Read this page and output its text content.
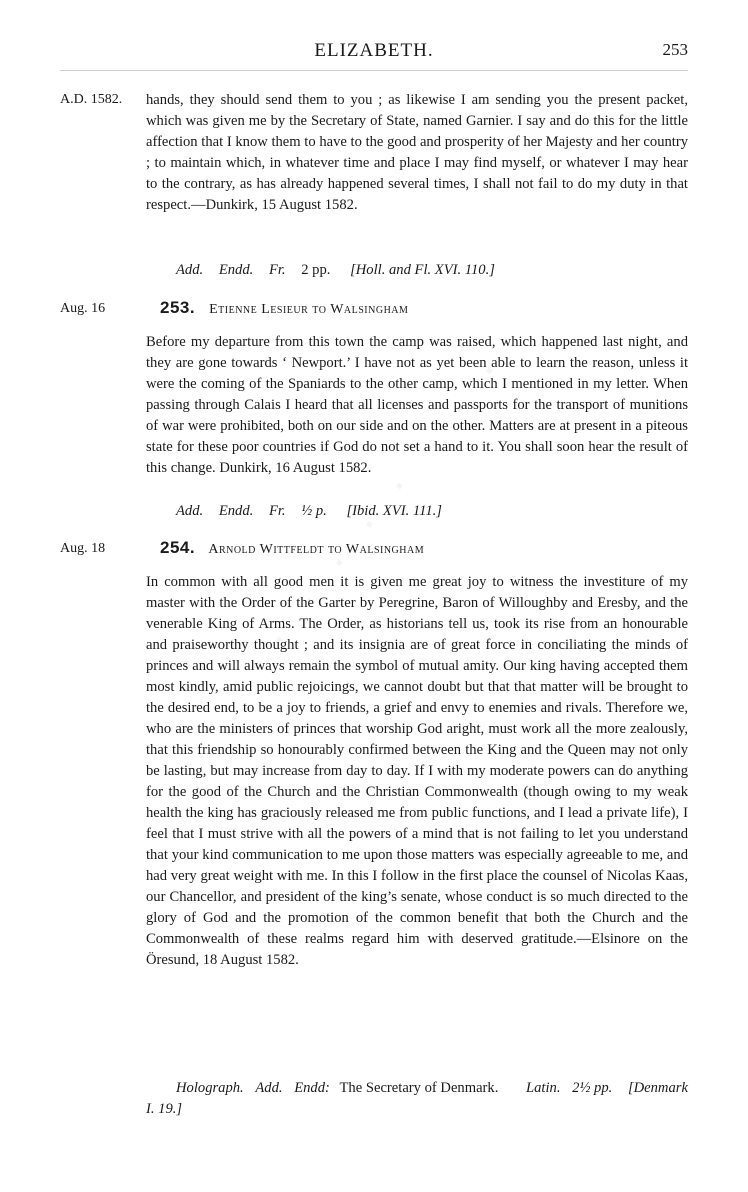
ELIZABETH.	253
A.D. 1582. hands, they should send them to you ; as likewise I am sending you the present packet, which was given me by the Secretary of State, named Garnier. I say and do this for the little affection that I know them to have to the good and prosperity of her Majesty and her country ; to maintain which, in whatever time and place I may find myself, or whatever I may hear to the contrary, as has already happened several times, I shall not fail to do my duty in that respect.—Dunkirk, 15 August 1582.

Add. Endd. Fr. 2 pp. [Holl. and Fl. XVI. 110.]
Aug. 16	253. Etienne Lesieur to Walsingham

Before my departure from this town the camp was raised, which happened last night, and they are gone towards ‘ Newport.’ I have not as yet been able to learn the reason, unless it were the coming of the Spaniards to the other camp, which I mentioned in my letter. When passing through Calais I heard that all licenses and passports for the transport of munitions of war were prohibited, both on our side and on the other. Matters are at present in a piteous state for these poor countries if God do not set a hand to it. You shall soon hear the result of this change. Dunkirk, 16 August 1582.

Add. Endd. Fr. ½ p. [Ibid. XVI. 111.]
Aug. 18	254. Arnold Wittfeldt to Walsingham

In common with all good men it is given me great joy to witness the investiture of my master with the Order of the Garter by Peregrine, Baron of Willoughby and Eresby, and the venerable King of Arms. The Order, as historians tell us, took its rise from an honourable and praiseworthy thought ; and its insignia are of great force in conciliating the minds of princes and will always remain the symbol of mutual amity. Our king having accepted them most kindly, amid public rejoicings, we cannot doubt but that that matter will be brought to the desired end, to be a joy to friends, a grief and envy to enemies and rivals. Therefore we, who are the ministers of princes that worship God aright, must work all the more zealously, that this friendship so honourably confirmed between the King and the Queen may not only be lasting, but may increase from day to day. If I with my moderate powers can do anything for the good of the Church and the Christian Commonwealth (though owing to my weak health the king has graciously released me from public functions, and I lead a private life), I feel that I must strive with all the powers of a mind that is not failing to let you understand that your kind communication to me upon those matters was especially agreeable to me, and had very great weight with me. In this I follow in the first place the counsel of Nicolas Kaas, our Chancellor, and president of the king’s senate, whose conduct is so much directed to the glory of God and the promotion of the common benefit that both the Church and the Commonwealth of these realms regard him with deserved gratitude.—Elsinore on the Öresund, 18 August 1582.

Holograph. Add. Endd: The Secretary of Denmark. Latin. 2½ pp. [Denmark I. 19.]
